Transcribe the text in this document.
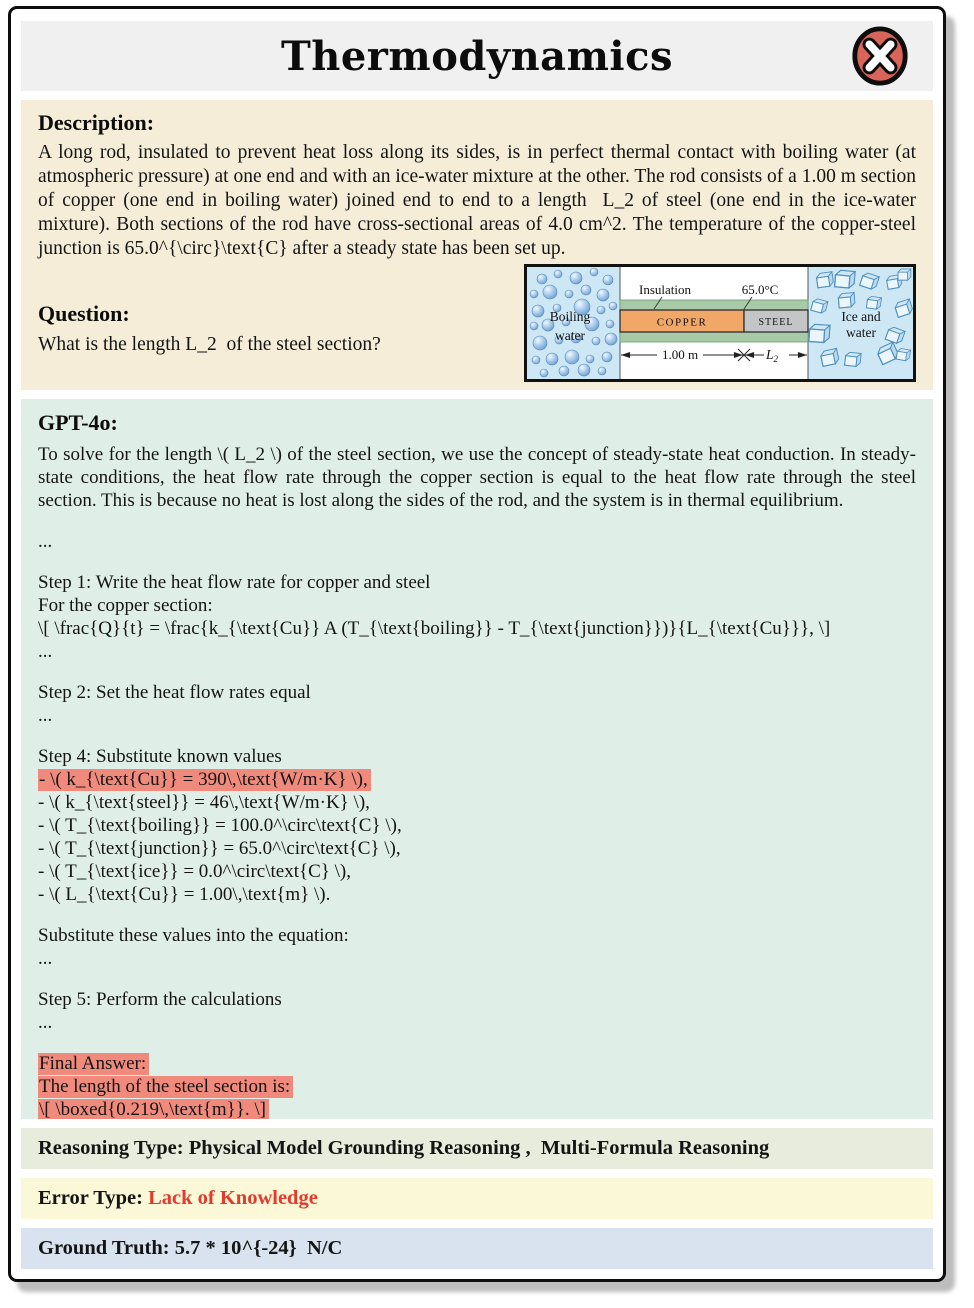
Thermodynamics
Description:

A long rod, insulated to prevent heat loss along its sides, is in perfect thermal contact with boiling water (at atmospheric pressure) at one end and with an ice-water mixture at the other. The rod consists of a 1.00 m section of copper (one end in boiling water) joined end to end to a length  L_2 of steel (one end in the ice-water mixture). Both sections of the rod have cross-sectional areas of 4.0 cm^2. The temperature of the copper-steel junction is 65.0^{\circ}\text{C} after a steady state has been set up.

Question:
What is the length L_2  of the steel section?
Boiling
water
Ice and
water
COPPER	STEEL
Insulation	65.0°C
1.00 m	$L_2$
GPT-4o:
To solve for the length \( L_2 \) of the steel section, we use the concept of steady-state heat conduction. In steady-state conditions, the heat flow rate through the copper section is equal to the heat flow rate through the steel section. This is because no heat is lost along the sides of the rod, and the system is in thermal equilibrium.
...
Step 1: Write the heat flow rate for copper and steel
For the copper section:
\[ \frac{Q}{t} = \frac{k_{\text{Cu}} A (T_{\text{boiling}} - T_{\text{junction}})}{L_{\text{Cu}}}, \]
...
Step 2: Set the heat flow rates equal
...
Step 4: Substitute known values
- \( k_{\text{Cu}} = 390\,\text{W/m·K} \),
- \( k_{\text{steel}} = 46\,\text{W/m·K} \),
- \( T_{\text{boiling}} = 100.0^\circ\text{C} \),
- \( T_{\text{junction}} = 65.0^\circ\text{C} \),
- \( T_{\text{ice}} = 0.0^\circ\text{C} \),
- \( L_{\text{Cu}} = 1.00\,\text{m} \).
Substitute these values into the equation:
...
Step 5: Perform the calculations
...
Final Answer:
The length of the steel section is:
\[ \boxed{0.219\,\text{m}}. \]
Reasoning Type: Physical Model Grounding Reasoning ,  Multi-Formula Reasoning
Error Type: Lack of Knowledge
Ground Truth: 5.7 * 10^{-24}  N/C
